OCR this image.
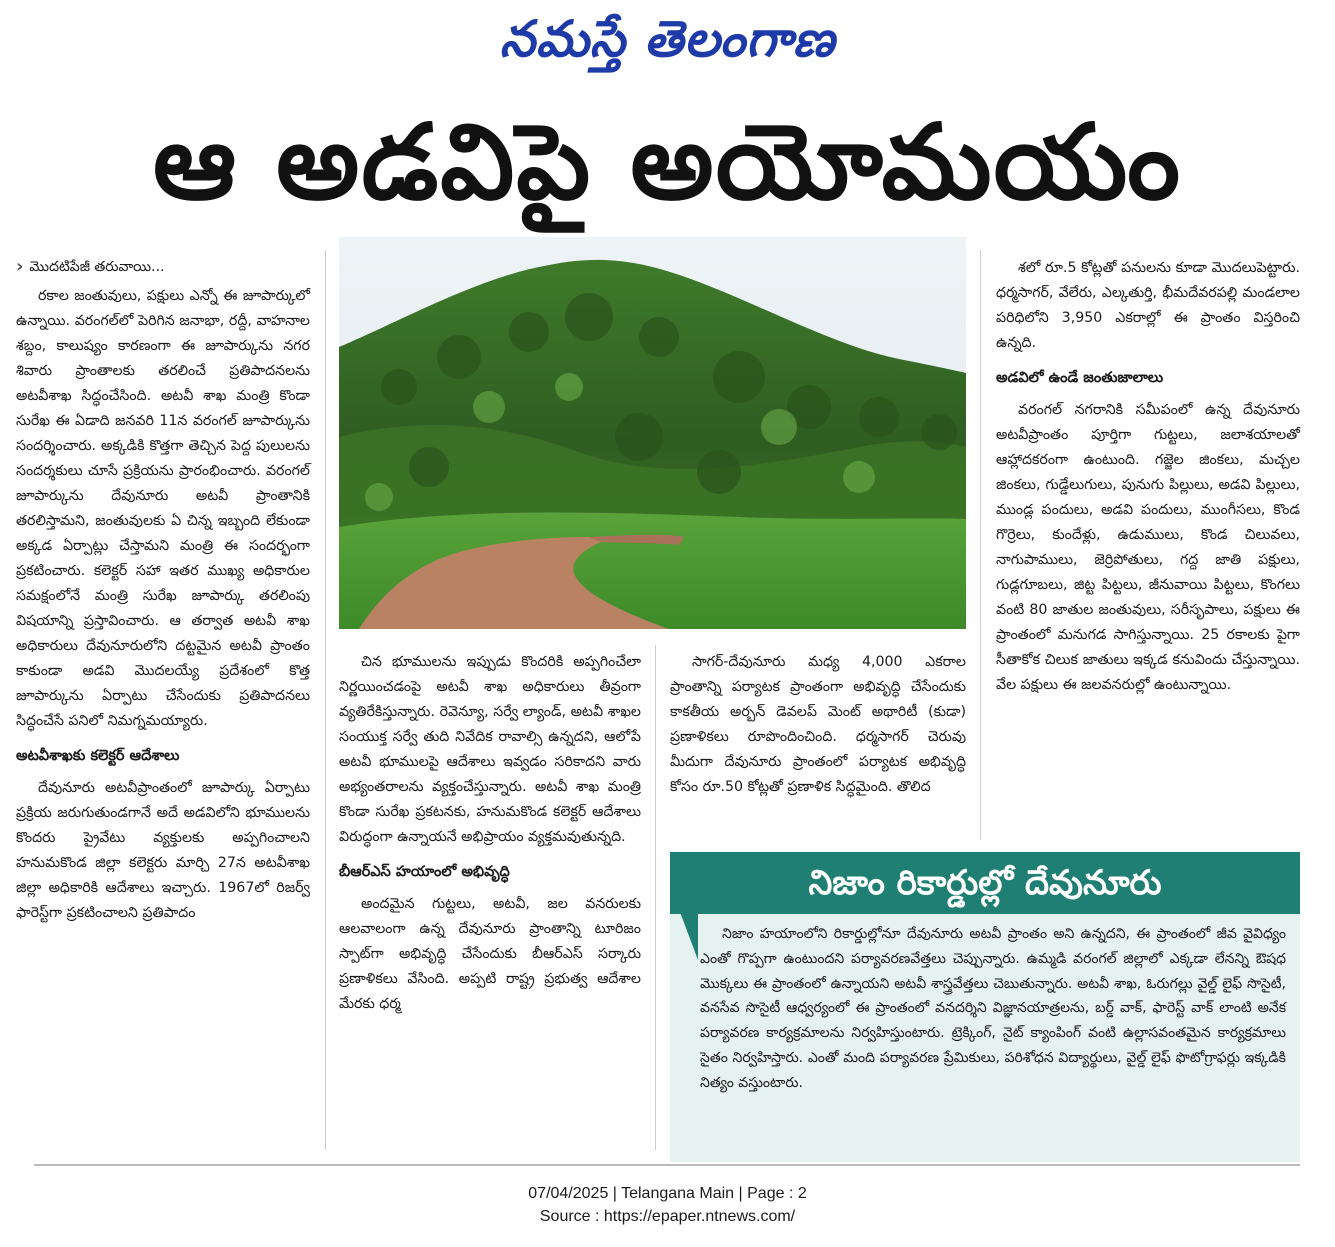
నమస్తే తెలంగాణ
ఆ అడవిపై అయోమయం
› మొదటిపేజీ తరువాయి...

రకాల జంతువులు, పక్షులు ఎన్నో ఈ జూపార్కులో ఉన్నాయి. వరంగల్‌లో పెరిగిన జనాభా, రద్దీ, వాహనాల శబ్దం, కాలుష్యం కారణంగా ఈ జూపార్కును నగర శివారు ప్రాంతాలకు తరలించే ప్రతిపాదనలను అటవీశాఖ సిద్ధంచేసింది. అటవీ శాఖ మంత్రి కొండా సురేఖ ఈ ఏడాది జనవరి 11న వరంగల్ జూపార్కును సందర్శించారు. అక్కడికి కొత్తగా తెచ్చిన పెద్ద పులులను సందర్శకులు చూసే ప్రక్రియను ప్రారంభించారు. వరంగల్ జూపార్కును దేవునూరు అటవీ ప్రాంతానికి తరలిస్తామని, జంతువులకు ఏ చిన్న ఇబ్బంది లేకుండా అక్కడ ఏర్పాట్లు చేస్తామని మంత్రి ఈ సందర్భంగా ప్రకటించారు. కలెక్టర్ సహా ఇతర ముఖ్య అధికారుల సమక్షంలోనే మంత్రి సురేఖ జూపార్కు తరలింపు విషయాన్ని ప్రస్తావించారు. ఆ తర్వాత అటవీ శాఖ అధికారులు దేవునూరులోని దట్టమైన అటవీ ప్రాంతం కాకుండా అడవి మొదలయ్యే ప్రదేశంలో కొత్త జూపార్కును ఏర్పాటు చేసేందుకు ప్రతిపాదనలు సిద్ధంచేసే పనిలో నిమగ్నమయ్యారు.

అటవీశాఖకు కలెక్టర్ ఆదేశాలు

దేవునూరు అటవీప్రాంతంలో జూపార్కు ఏర్పాటు ప్రక్రియ జరుగుతుండగానే అదే అడవిలోని భూములను కొందరు ప్రైవేటు వ్యక్తులకు అప్పగించాలని హనుమకొండ జిల్లా కలెక్టరు మార్చి 27న అటవీశాఖ జిల్లా అధికారికి ఆదేశాలు ఇచ్చారు. 1967లో రిజర్వ్ ఫారెస్ట్‌గా ప్రకటించాలని ప్రతిపాదం

చిన భూములను ఇప్పుడు కొందరికి అప్పగించేలా నిర్ణయించడంపై అటవీ శాఖ అధికారులు తీవ్రంగా వ్యతిరేకిస్తున్నారు. రెవెన్యూ, సర్వే ల్యాండ్, అటవీ శాఖల సంయుక్త సర్వే తుది నివేదిక రావాల్సి ఉన్నదని, ఆలోపే అటవీ భూములపై ఆదేశాలు ఇవ్వడం సరికాదని వారు అభ్యంతరాలను వ్యక్తంచేస్తున్నారు. అటవీ శాఖ మంత్రి కొండా సురేఖ ప్రకటనకు, హనుమకొండ కలెక్టర్ ఆదేశాలు విరుద్ధంగా ఉన్నాయనే అభిప్రాయం వ్యక్తమవుతున్నది.

బీఆర్‌ఎస్ హయాంలో అభివృద్ధి

అందమైన గుట్టలు, అటవీ, జల వనరులకు ఆలవాలంగా ఉన్న దేవునూరు ప్రాంతాన్ని టూరిజం స్పాట్‌గా అభివృద్ధి చేసేందుకు బీఆర్‌ఎస్ సర్కారు ప్రణాళికలు వేసింది. అప్పటి రాష్ట్ర ప్రభుత్వ ఆదేశాల మేరకు ధర్మ

సాగర్-దేవునూరు మధ్య 4,000 ఎకరాల ప్రాంతాన్ని పర్యాటక ప్రాంతంగా అభివృద్ధి చేసేందుకు కాకతీయ అర్బన్ డెవలప్ మెంట్ అథారిటీ (కుడా) ప్రణాళికలు రూపొందించింది. ధర్మసాగర్ చెరువు మీదుగా దేవునూరు ప్రాంతంలో పర్యాటక అభివృద్ధి కోసం రూ.50 కోట్లతో ప్రణాళిక సిద్ధమైంది. తొలిద

శలో రూ.5 కోట్లతో పనులను కూడా మొదలుపెట్టారు. ధర్మసాగర్, వేలేరు, ఎల్కతుర్తి, భీమదేవరపల్లి మండలాల పరిధిలోని 3,950 ఎకరాల్లో ఈ ప్రాంతం విస్తరించి ఉన్నది.

అడవిలో ఉండే జంతుజాలాలు

వరంగల్ నగరానికి సమీపంలో ఉన్న దేవునూరు అటవీప్రాంతం పూర్తిగా గుట్టలు, జలాశయాలతో ఆహ్లాదకరంగా ఉంటుంది. గజ్జెల జింకలు, మచ్చల జింకలు, గుడ్డేలుగులు, పునుగు పిల్లులు, అడవి పిల్లులు, ముండ్ల పందులు, అడవి పందులు, ముంగీసలు, కొండ గొర్రెలు, కుందేళ్లు, ఉడుములు, కొండ చిలువలు, నాగుపాములు, జెర్రిపోతులు, గద్ద జాతి పక్షులు, గుడ్లగూబలు, జిట్ట పిట్టలు, జీనువాయి పిట్టలు, కొంగలు వంటి 80 జాతుల జంతువులు, సరీసృపాలు, పక్షులు ఈ ప్రాంతంలో మనుగడ సాగిస్తున్నాయి. 25 రకాలకు పైగా సీతాకోక చిలుక జాతులు ఇక్కడ కనువిందు చేస్తున్నాయి. వేల పక్షులు ఈ జలవనరుల్లో ఉంటున్నాయి.

నిజాం రికార్డుల్లో దేవునూరు

నిజాం హయాంలోని రికార్డుల్లోనూ దేవునూరు అటవీ ప్రాంతం అని ఉన్నదని, ఈ ప్రాంతంలో జీవ వైవిధ్యం ఎంతో గొప్పగా ఉంటుందని పర్యావరణవేత్తలు చెప్పున్నారు. ఉమ్మడి వరంగల్ జిల్లాలో ఎక్కడా లేనన్ని ఔషధ మొక్కలు ఈ ప్రాంతంలో ఉన్నాయని అటవీ శాస్త్రవేత్తలు చెబుతున్నారు. అటవీ శాఖ, ఓరుగల్లు వైల్డ్ లైఫ్ సొసైటీ, వనసేవ సొసైటీ ఆధ్వర్యంలో ఈ ప్రాంతంలో వనదర్శిని విజ్ఞానయాత్రలను, బర్డ్ వాక్, ఫారెస్ట్ వాక్ లాంటి అనేక పర్యావరణ కార్యక్రమాలను నిర్వహిస్తుంటారు. ట్రెక్కింగ్, నైట్ క్యాంపింగ్ వంటి ఉల్లాసవంతమైన కార్యక్రమాలు సైతం నిర్వహిస్తారు. ఎంతో మంది పర్యావరణ ప్రేమికులు, పరిశోధన విద్యార్థులు, వైల్డ్ లైఫ్ ఫొటోగ్రాఫర్లు ఇక్కడికి నిత్యం వస్తుంటారు.

07/04/2025 | Telangana Main | Page : 2
Source : https://epaper.ntnews.com/
